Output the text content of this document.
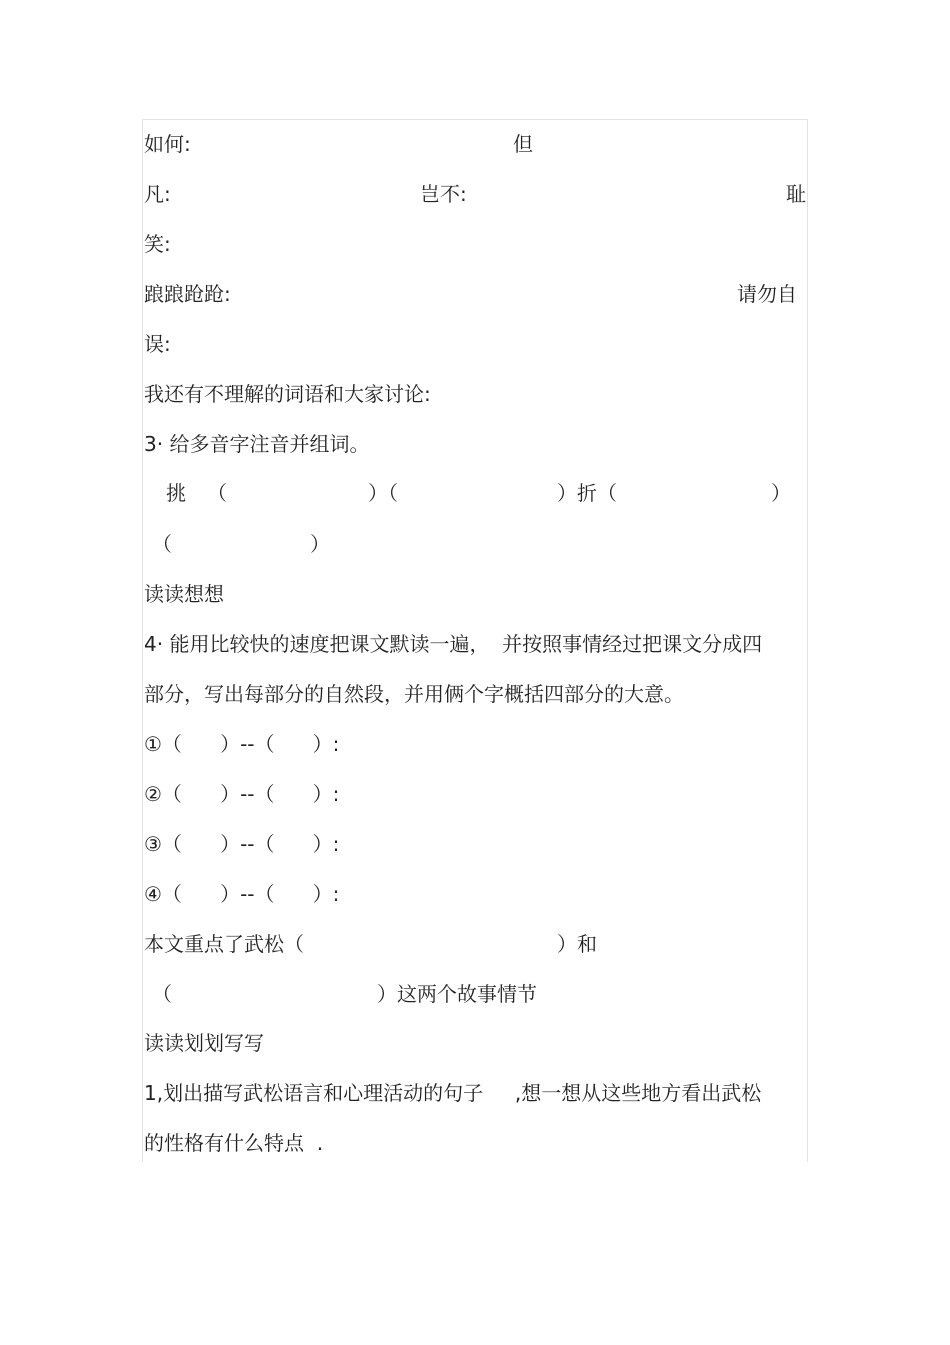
如何:	但
凡:	岂不:	耻
笑:
踉踉跄跄:	请勿自
误:
我还有不理解的词语和大家讨论:
3· 给多音字注音并组词。
挑 （	）（	）折（	）
（	）
读读想想
4· 能用比较快的速度把课文默读一遍，  并按照事情经过把课文分成四
部分，写出每部分的自然段，并用俩个字概括四部分的大意。
①（      ）--（      ）:
②（      ）--（      ）:
③（      ）--（      ）:
④（      ）--（      ）:
本文重点了武松（	）和
（	）这两个故事情节
读读划划写写
1,划出描写武松语言和心理活动的句子     ,想一想从这些地方看出武松
的性格有什么特点  .
